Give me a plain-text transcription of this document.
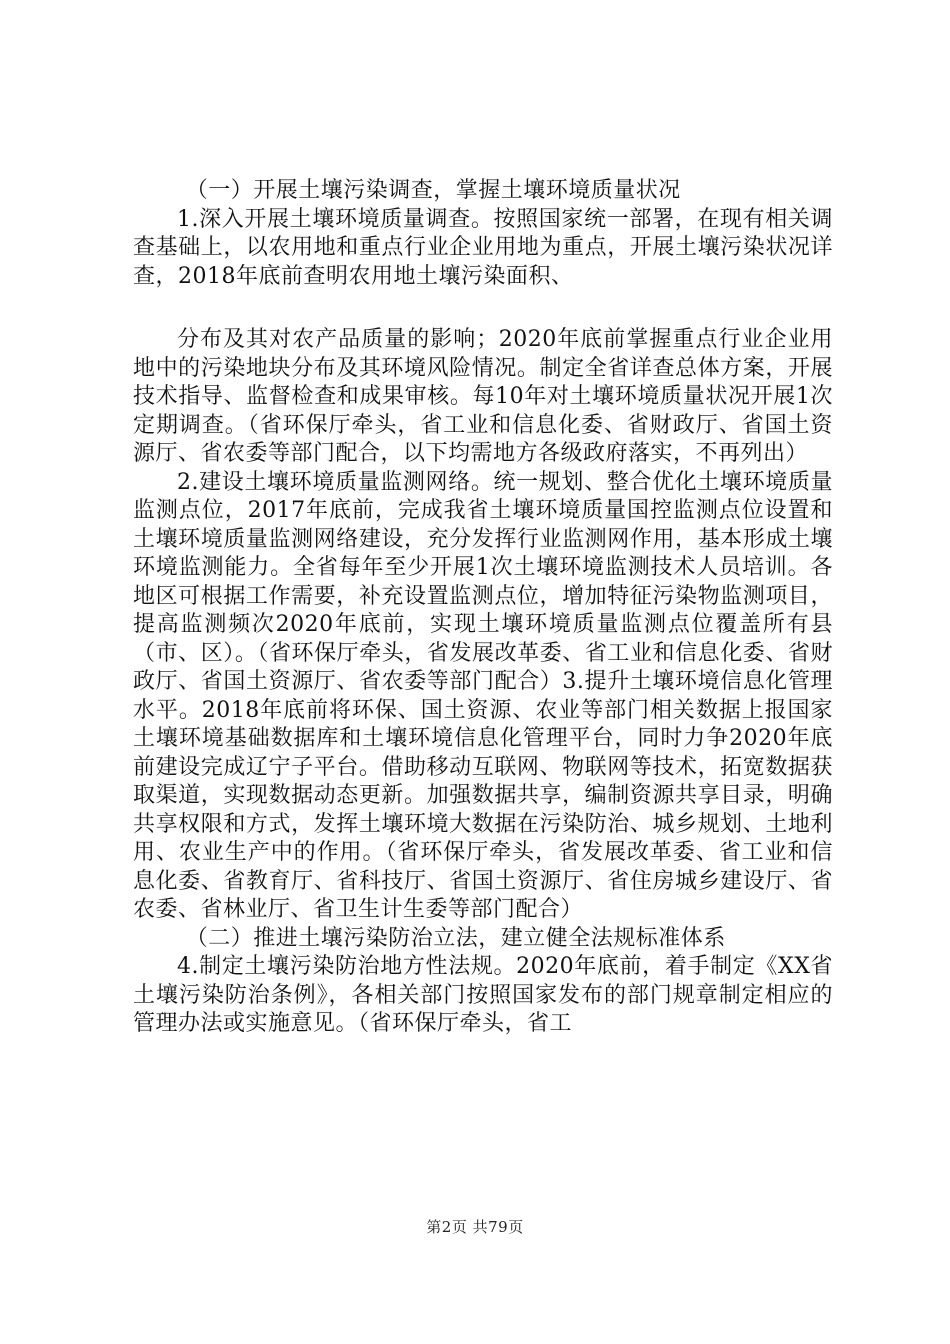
（一）开展土壤污染调查，掌握土壤环境质量状况

1.深入开展土壤环境质量调查。按照国家统一部署，在现有相关调查基础上，以农用地和重点行业企业用地为重点，开展土壤污染状况详查，2018年底前查明农用地土壤污染面积、

分布及其对农产品质量的影响；2020年底前掌握重点行业企业用地中的污染地块分布及其环境风险情况。制定全省详查总体方案，开展技术指导、监督检查和成果审核。每10年对土壤环境质量状况开展1次定期调查。（省环保厅牵头，省工业和信息化委、省财政厅、省国土资源厅、省农委等部门配合，以下均需地方各级政府落实，不再列出）

2.建设土壤环境质量监测网络。统一规划、整合优化土壤环境质量监测点位，2017年底前，完成我省土壤环境质量国控监测点位设置和土壤环境质量监测网络建设，充分发挥行业监测网作用，基本形成土壤环境监测能力。全省每年至少开展1次土壤环境监测技术人员培训。各地区可根据工作需要，补充设置监测点位，增加特征污染物监测项目，提高监测频次2020年底前，实现土壤环境质量监测点位覆盖所有县（市、区）。（省环保厅牵头，省发展改革委、省工业和信息化委、省财政厅、省国土资源厅、省农委等部门配合）3.提升土壤环境信息化管理水平。2018年底前将环保、国土资源、农业等部门相关数据上报国家土壤环境基础数据库和土壤环境信息化管理平台，同时力争2020年底前建设完成辽宁子平台。借助移动互联网、物联网等技术，拓宽数据获取渠道，实现数据动态更新。加强数据共享，编制资源共享目录，明确共享权限和方式，发挥土壤环境大数据在污染防治、城乡规划、土地利用、农业生产中的作用。（省环保厅牵头，省发展改革委、省工业和信息化委、省教育厅、省科技厅、省国土资源厅、省住房城乡建设厅、省农委、省林业厅、省卫生计生委等部门配合）

（二）推进土壤污染防治立法，建立健全法规标准体系

4.制定土壤污染防治地方性法规。2020年底前，着手制定《XX省土壤污染防治条例》，各相关部门按照国家发布的部门规章制定相应的管理办法或实施意见。（省环保厅牵头，省工

第2页 共79页
